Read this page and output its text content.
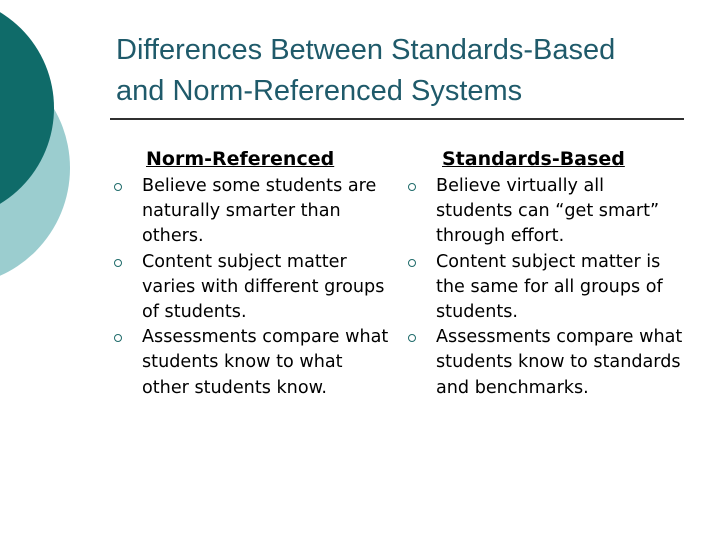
Differences Between Standards-Based
and Norm-Referenced Systems
Norm-Referenced
Believe some students are naturally smarter than others.
Content subject matter varies with different groups of students.
Assessments compare what students know to what other students know.
Standards-Based
Believe virtually all students can “get smart” through effort.
Content subject matter is the same for all groups of students.
Assessments compare what students know to standards and benchmarks.
